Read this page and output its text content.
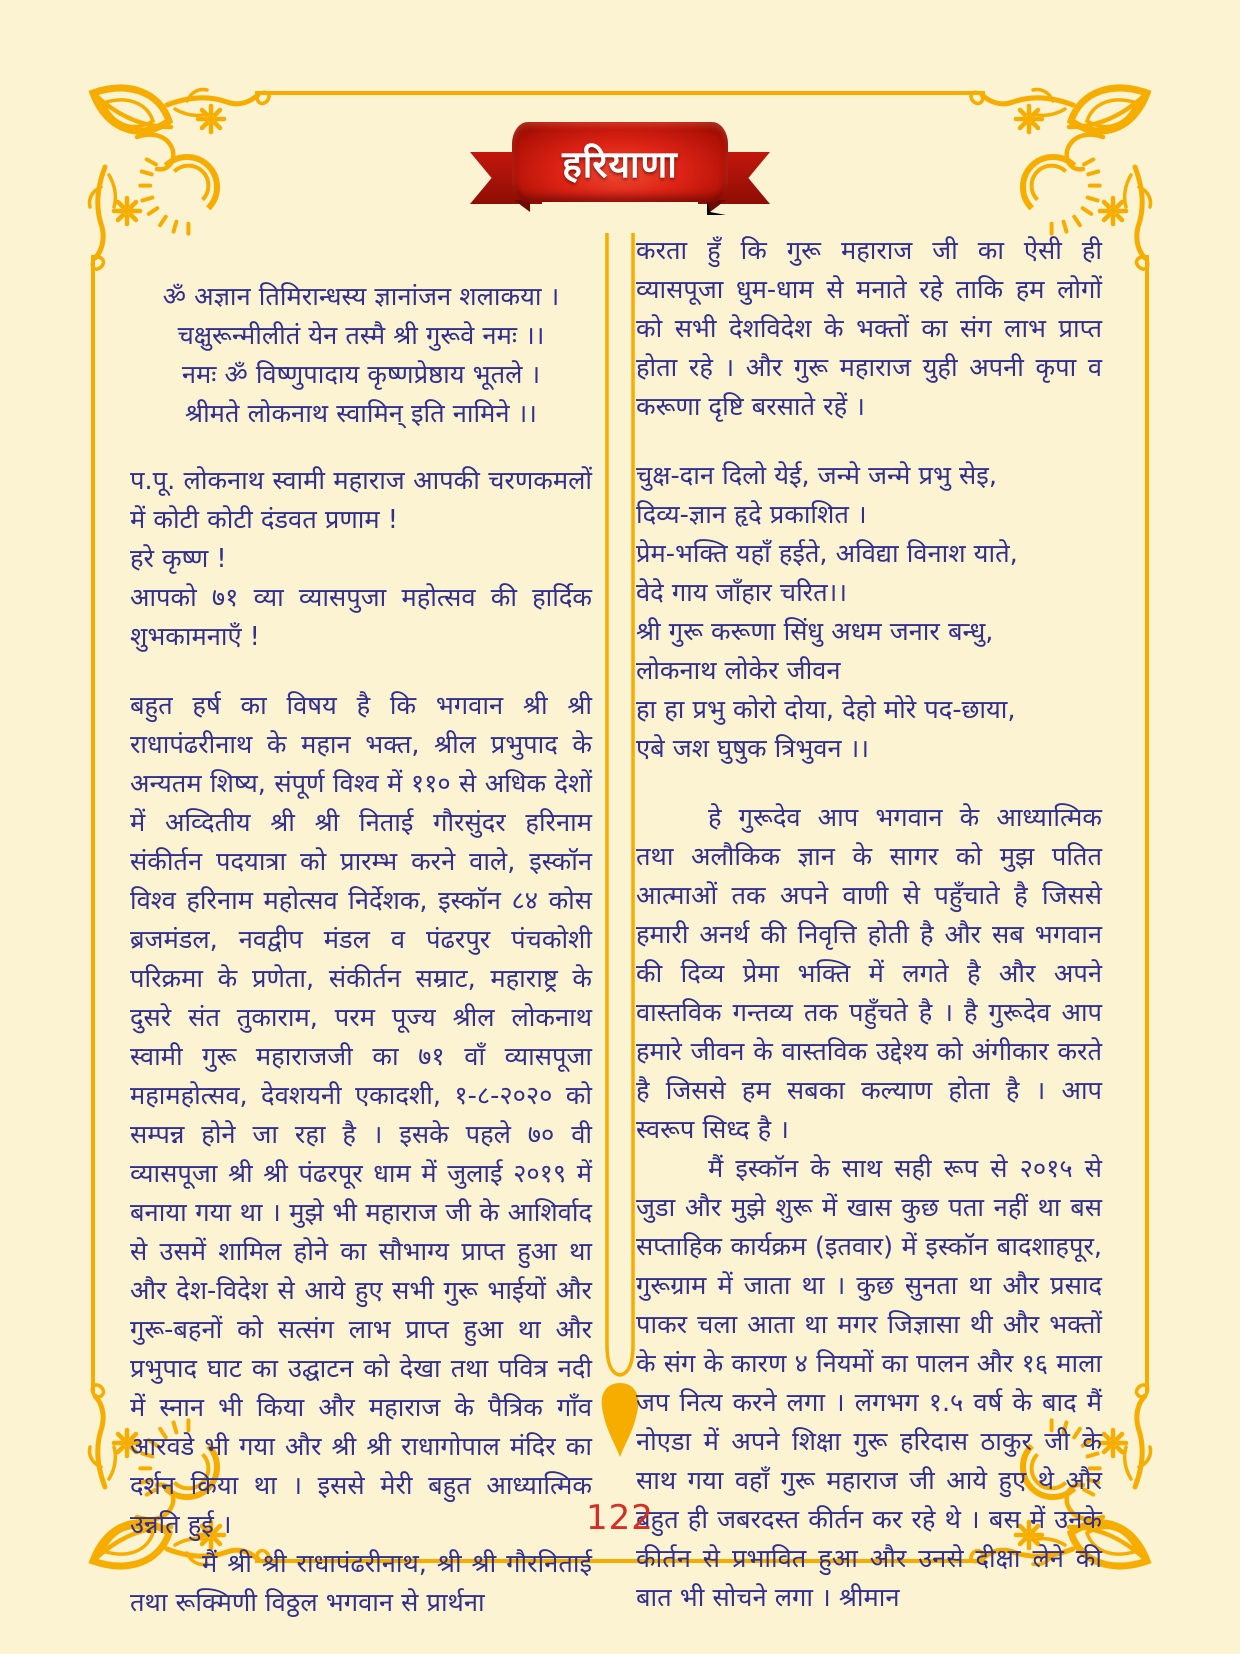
हरियाणा
ॐ अज्ञान तिमिरान्धस्य ज्ञानांजन शलाकया ।
चक्षुरून्मीलीतं येन तस्मै श्री गुरूवे नमः ।।
नमः ॐ विष्णुपादाय कृष्णप्रेष्ठाय भूतले ।
श्रीमते लोकनाथ स्वामिन् इति नामिने ।।

प.पू. लोकनाथ स्वामी महाराज आपकी चरणकमलों में कोटी कोटी दंडवत प्रणाम !

हरे कृष्ण !

आपको ७१ व्या व्यासपुजा महोत्सव की हार्दिक शुभकामनाएँ !

बहुत हर्ष का विषय है कि भगवान श्री श्री राधापंढरीनाथ के महान भक्त, श्रील प्रभुपाद के अन्यतम शिष्य, संपूर्ण विश्व में ११० से अधिक देशों में अव्दितीय श्री श्री निताई गौरसुंदर हरिनाम संकीर्तन पदयात्रा को प्रारम्भ करने वाले, इस्कॉन विश्व हरिनाम महोत्सव निर्देशक, इस्कॉन ८४ कोस ब्रजमंडल, नवद्वीप मंडल व पंढरपुर पंचकोशी परिक्रमा के प्रणेता, संकीर्तन सम्राट, महाराष्ट्र के दुसरे संत तुकाराम, परम पूज्य श्रील लोकनाथ स्वामी गुरू महाराजजी का ७१ वाँ व्यासपूजा महामहोत्सव, देवशयनी एकादशी, १-८-२०२० को सम्पन्न होने जा रहा है । इसके पहले ७० वी व्यासपूजा श्री श्री पंढरपूर धाम में जुलाई २०१९ में बनाया गया था । मुझे भी महाराज जी के आशिर्वाद से उसमें शामिल होने का सौभाग्य प्राप्त हुआ था और देश-विदेश से आये हुए सभी गुरू भाईयों और गुरू-बहनों को सत्संग लाभ प्राप्त हुआ था और प्रभुपाद घाट का उद्घाटन को देखा तथा पवित्र नदी में स्नान भी किया और महाराज के पैत्रिक गाँव आरवडे भी गया और श्री श्री राधागोपाल मंदिर का दर्शन किया था । इससे मेरी बहुत आध्यात्मिक उन्नति हुई ।

मैं श्री श्री राधापंढरीनाथ, श्री श्री गौरनिताई तथा रूक्मिणी विठ्ठल भगवान से प्रार्थना

करता हुँ कि गुरू महाराज जी का ऐसी ही व्यासपूजा धुम-धाम से मनाते रहे ताकि हम लोगों को सभी देशविदेश के भक्तों का संग लाभ प्राप्त होता रहे । और गुरू महाराज युही अपनी कृपा व करूणा दृष्टि बरसाते रहें ।

चुक्ष-दान दिलो येई, जन्मे जन्मे प्रभु सेइ,
दिव्य-ज्ञान हृदे प्रकाशित ।
प्रेम-भक्ति यहाँ हईते, अविद्या विनाश याते,
वेदे गाय जाँहार चरित।।
श्री गुरू करूणा सिंधु अधम जनार बन्धु,
लोकनाथ लोकेर जीवन
हा हा प्रभु कोरो दोया, देहो मोरे पद-छाया,
एबे जश घुषुक त्रिभुवन ।।

हे गुरूदेव आप भगवान के आध्यात्मिक तथा अलौकिक ज्ञान के सागर को मुझ पतित आत्माओं तक अपने वाणी से पहुँचाते है जिससे हमारी अनर्थ की निवृत्ति होती है और सब भगवान की दिव्य प्रेमा भक्ति में लगते है और अपने वास्तविक गन्तव्य तक पहुँचते है । है गुरूदेव आप हमारे जीवन के वास्तविक उद्देश्य को अंगीकार करते है जिससे हम सबका कल्याण होता है । आप स्वरूप सिध्द है ।

मैं इस्कॉन के साथ सही रूप से २०१५ से जुडा और मुझे शुरू में खास कुछ पता नहीं था बस सप्ताहिक कार्यक्रम (इतवार) में इस्कॉन बादशाहपूर, गुरूग्राम में जाता था । कुछ सुनता था और प्रसाद पाकर चला आता था मगर जिज्ञासा थी और भक्तों के संग के कारण ४ नियमों का पालन और १६ माला जप नित्य करने लगा । लगभग १.५ वर्ष के बाद मैं नोएडा में अपने शिक्षा गुरू हरिदास ठाकुर जी के साथ गया वहाँ गुरू महाराज जी आये हुए थे और बहुत ही जबरदस्त कीर्तन कर रहे थे । बस में उनके कीर्तन से प्रभावित हुआ और उनसे दीक्षा लेने की बात भी सोचने लगा । श्रीमान

122
